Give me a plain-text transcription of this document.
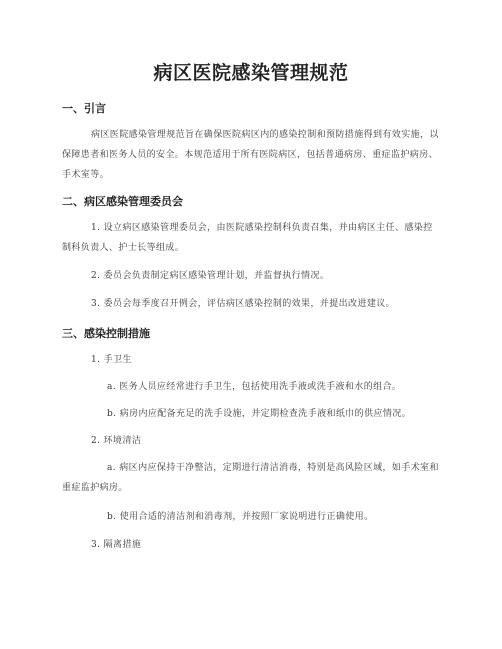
病区医院感染管理规范
一、引言
病区医院感染管理规范旨在确保医院病区内的感染控制和预防措施得到有效实施，以保障患者和医务人员的安全。本规范适用于所有医院病区，包括普通病房、重症监护病房、手术室等。
二、病区感染管理委员会
1. 设立病区感染管理委员会，由医院感染控制科负责召集，并由病区主任、感染控制科负责人、护士长等组成。
2. 委员会负责制定病区感染管理计划，并监督执行情况。
3. 委员会每季度召开例会，评估病区感染控制的效果，并提出改进建议。
三、感染控制措施
1. 手卫生
a. 医务人员应经常进行手卫生，包括使用洗手液或洗手液和水的组合。
b. 病房内应配备充足的洗手设施，并定期检查洗手液和纸巾的供应情况。
2. 环境清洁
a. 病区内应保持干净整洁，定期进行清洁消毒，特别是高风险区域，如手术室和重症监护病房。
b. 使用合适的清洁剂和消毒剂，并按照厂家说明进行正确使用。
3. 隔离措施
